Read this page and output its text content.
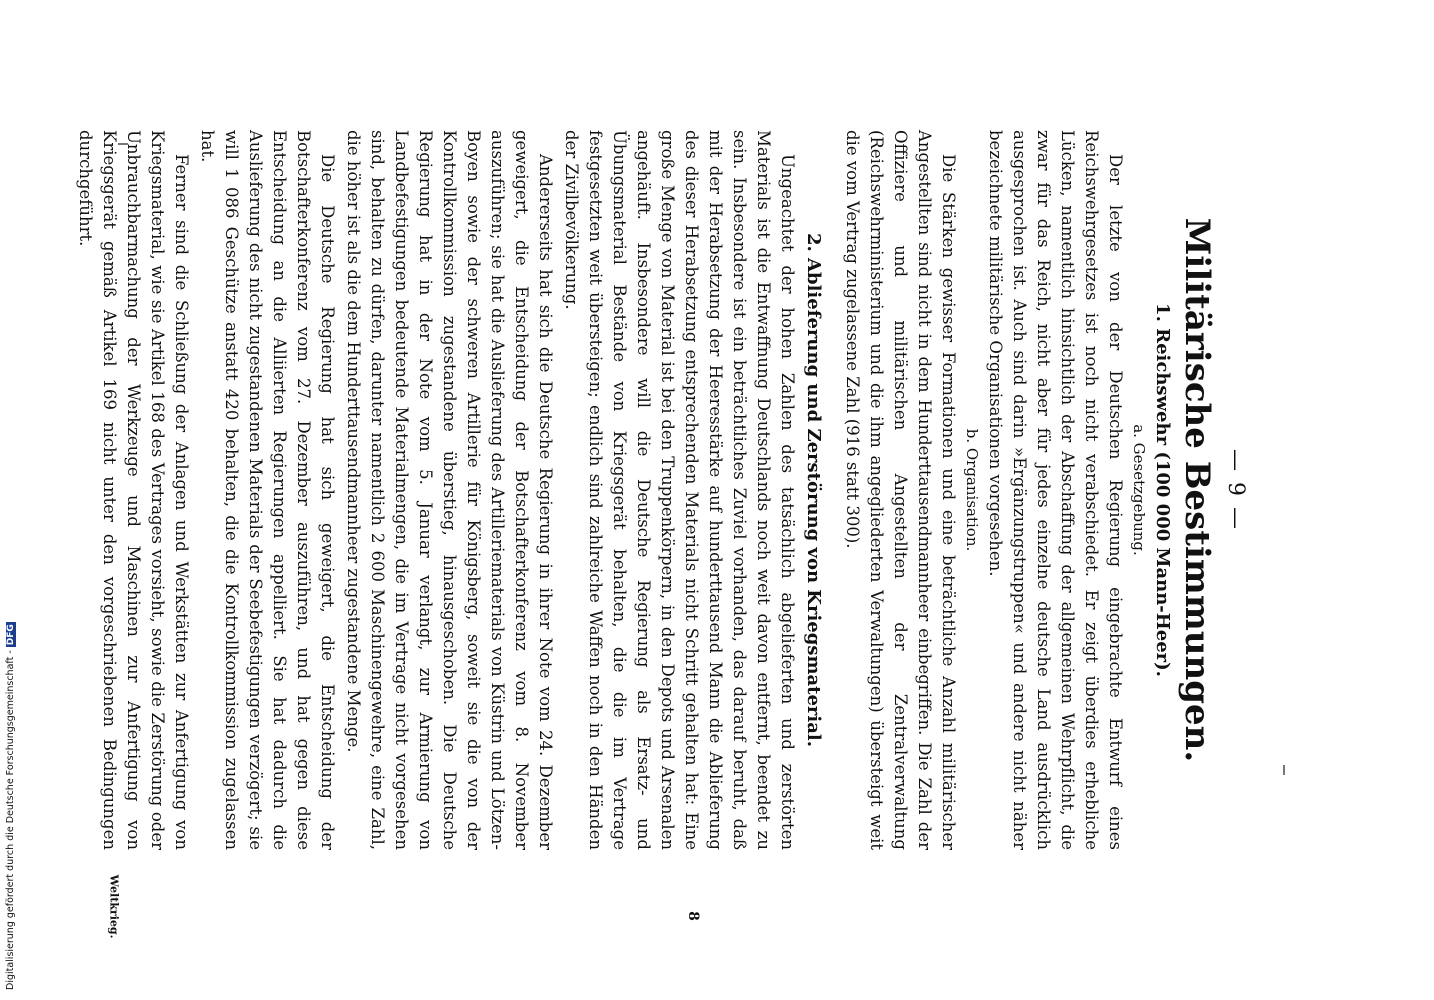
— 9 —
Militärische Bestimmungen.
1. Reichswehr (100 000 Mann-Heer).
a. Gesetzgebung.

Der letzte von der Deutschen Regierung eingebrachte Entwurf eines Reichswehrgesetzes ist noch nicht verabschiedet. Er zeigt überdies erhebliche Lücken, namentlich hinsichtlich der Abschaffung der allgemeinen Wehrpflicht, die zwar für das Reich, nicht aber für jedes einzelne deutsche Land ausdrücklich ausgesprochen ist. Auch sind darin »Ergänzungstruppen« und andere nicht näher bezeichnete militärische Organisationen vorgesehen.

b. Organisation.

Die Stärken gewisser Formationen und eine beträchtliche Anzahl militärischer Angestellten sind nicht in dem Hunderttausendmannheer einbegriffen. Die Zahl der Offiziere und militärischen Angestellten der Zentralverwaltung (Reichswehrministerium und die ihm angegliederten Verwaltungen) übersteigt weit die vom Vertrag zugelassene Zahl (916 statt 300).

2. Ablieferung und Zerstörung von Kriegsmaterial.

Ungeachtet der hohen Zahlen des tatsächlich abgelieferten und zerstörten Materials ist die Entwaffnung Deutschlands noch weit davon entfernt, beendet zu sein. Insbesondere ist ein beträchtliches Zuviel vorhanden, das darauf beruht, daß mit der Herabsetzung der Heeresstärke auf hunderttausend Mann die Ablieferung des dieser Herabsetzung entsprechenden Materials nicht Schritt gehalten hat: Eine große Menge von Material ist bei den Truppenkörpern, in den Depots und Arsenalen angehäuft. Insbesondere will die Deutsche Regierung als Ersatz- und Übungsmaterial Bestände von Kriegsgerät behalten, die die im Vertrage festgesetzten weit übersteigen; endlich sind zahlreiche Waffen noch in den Händen der Zivilbevölkerung.

Andererseits hat sich die Deutsche Regierung in ihrer Note vom 24. Dezember geweigert, die Entscheidung der Botschafterkonferenz vom 8. November auszuführen; sie hat die Auslieferung des Artilleriematerials von Küstrin und Lötzen-Boyen sowie der schweren Artillerie für Königsberg, soweit sie die von der Kontrollkommission zugestandene überstieg, hinausgeschoben. Die Deutsche Regierung hat in der Note vom 5. Januar verlangt, zur Armierung von Landbefestigungen bedeutende Materialmengen, die im Vertrage nicht vorgesehen sind, behalten zu dürfen, darunter namentlich 2 600 Maschinengewehre, eine Zahl, die höher ist als die dem Hunderttausendmannheer zugestandene Menge.

Die Deutsche Regierung hat sich geweigert, die Entscheidung der Botschafterkonferenz vom 27. Dezember auszuführen, und hat gegen diese Entscheidung an die Alliierten Regierungen appelliert. Sie hat dadurch die Auslieferung des nicht zugestandenen Materials der Seebefestigungen verzögert; sie will 1 086 Geschütze anstatt 420 behalten, die die Kontrollkommission zugelassen hat.

Ferner sind die Schließung der Anlagen und Werkstätten zur Anfertigung von Kriegsmaterial, wie sie Artikel 168 des Vertrages vorsieht, sowie die Zerstörung oder Unbrauchbarmachung der Werkzeuge und Maschinen zur Anfertigung von Kriegsgerät gemäß Artikel 169 nicht unter den vorgeschriebenen Bedingungen durchgeführt.

8
Weltkrieg.
Digitalisierung gefördert durch die Deutsche Forschungsgemeinschaft -DFG
